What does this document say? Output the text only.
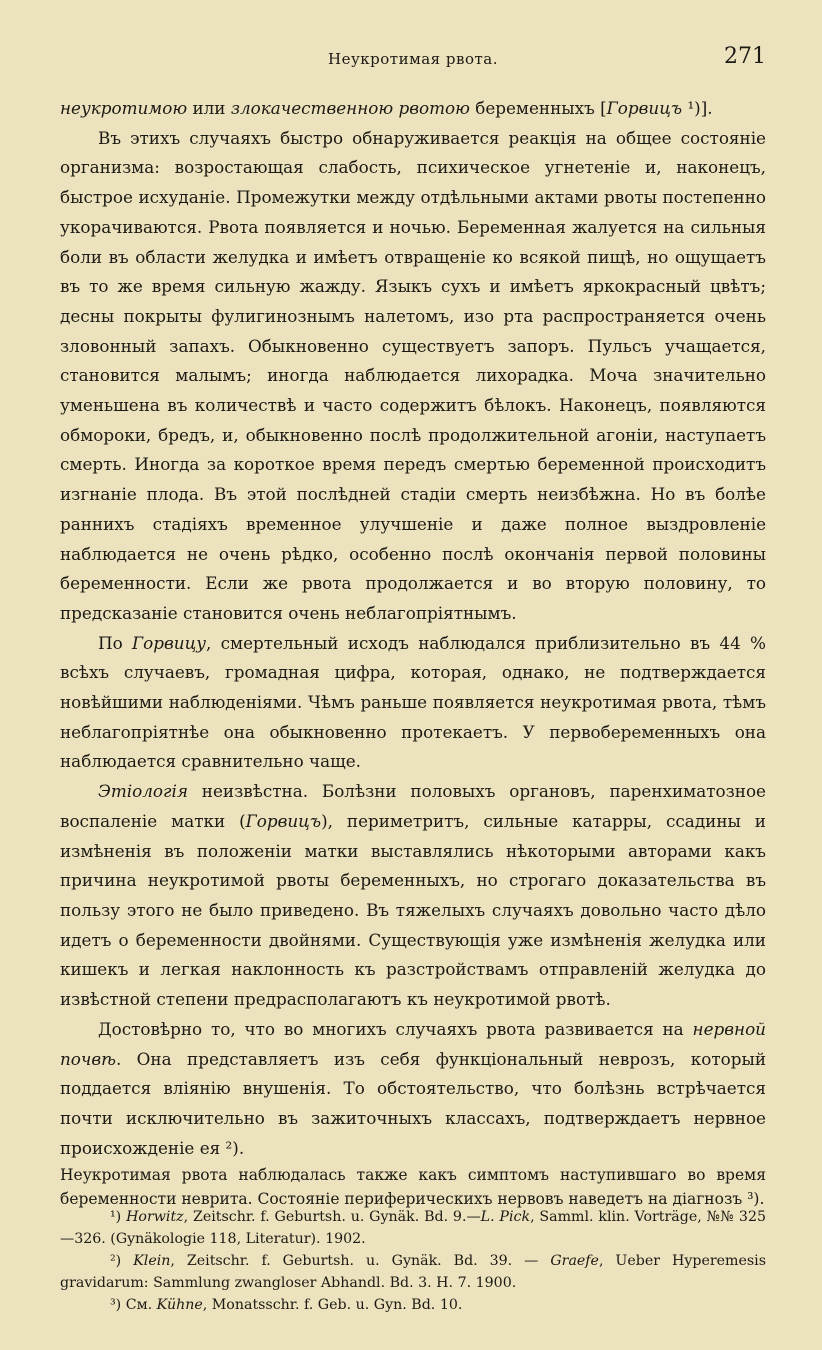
Неукротимая рвота.	271

неукротимою или злокачественною рвотою беременныхъ [Горвицъ ¹)].

Въ этихъ случаяхъ быстро обнаруживается реакція на общее состояніе организма: возростающая слабость, психическое угнетеніе и, наконецъ, быстрое исхуданіе. Промежутки между отдѣльными актами рвоты постепенно укорачиваются. Рвота появляется и ночью. Беременная жалуется на сильныя боли въ области желудка и имѣетъ отвращеніе ко всякой пищѣ, но ощущаетъ въ то же время сильную жажду. Языкъ сухъ и имѣетъ яркокрасный цвѣтъ; десны покрыты фулигинознымъ налетомъ, изо рта распространяется очень зловонный запахъ. Обыкновенно существуетъ запоръ. Пульсъ учащается, становится малымъ; иногда наблюдается лихорадка. Моча значительно уменьшена въ количествѣ и часто содержитъ бѣлокъ. Наконецъ, появляются обмороки, бредъ, и, обыкновенно послѣ продолжительной агоніи, наступаетъ смерть. Иногда за короткое время передъ смертью беременной происходитъ изгнаніе плода. Въ этой послѣдней стадіи смерть неизбѣжна. Но въ болѣе раннихъ стадіяхъ временное улучшеніе и даже полное выздровленіе наблюдается не очень рѣдко, особенно послѣ окончанія первой половины беременности. Если же рвота продолжается и во вторую половину, то предсказаніе становится очень неблагопріятнымъ.

По Горвицу, смертельный исходъ наблюдался приблизительно въ 44 % всѣхъ случаевъ, громадная цифра, которая, однако, не подтверждается новѣйшими наблюденіями. Чѣмъ раньше появляется неукротимая рвота, тѣмъ неблагопріятнѣе она обыкновенно протекаетъ. У первобеременныхъ она наблюдается сравнительно чаще.

Этіологія неизвѣстна. Болѣзни половыхъ органовъ, паренхиматозное воспаленіе матки (Горвицъ), периметритъ, сильные катарры, ссадины и измѣненія въ положеніи матки выставлялись нѣкоторыми авторами какъ причина неукротимой рвоты беременныхъ, но строгаго доказательства въ пользу этого не было приведено. Въ тяжелыхъ случаяхъ довольно часто дѣло идетъ о беременности двойнями. Существующія уже измѣненія желудка или кишекъ и легкая наклонность къ разстройствамъ отправленій желудка до извѣстной степени предрасполагаютъ къ неукротимой рвотѣ.

Достовѣрно то, что во многихъ случаяхъ рвота развивается на нервной почвѣ. Она представляетъ изъ себя функціональный неврозъ, который поддается вліянію внушенія. То обстоятельство, что болѣзнь встрѣчается почти исключительно въ зажиточныхъ классахъ, подтверждаетъ нервное происхожденіе ея ²).

Неукротимая рвота наблюдалась также какъ симптомъ наступившаго во время беременности неврита. Состояніе периферическихъ нервовъ наведетъ на діагнозъ ³).

¹) Horwitz, Zeitschr. f. Geburtsh. u. Gynäk. Bd. 9.—L. Pick, Samml. klin. Vorträge, №№ 325—326. (Gynäkologie 118, Literatur). 1902.

²) Klein, Zeitschr. f. Geburtsh. u. Gynäk. Bd. 39. — Graefe, Ueber Hyperemesis gravidarum: Sammlung zwangloser Abhandl. Bd. 3. H. 7. 1900.

³) См. Kühne, Monatsschr. f. Geb. u. Gyn. Bd. 10.
